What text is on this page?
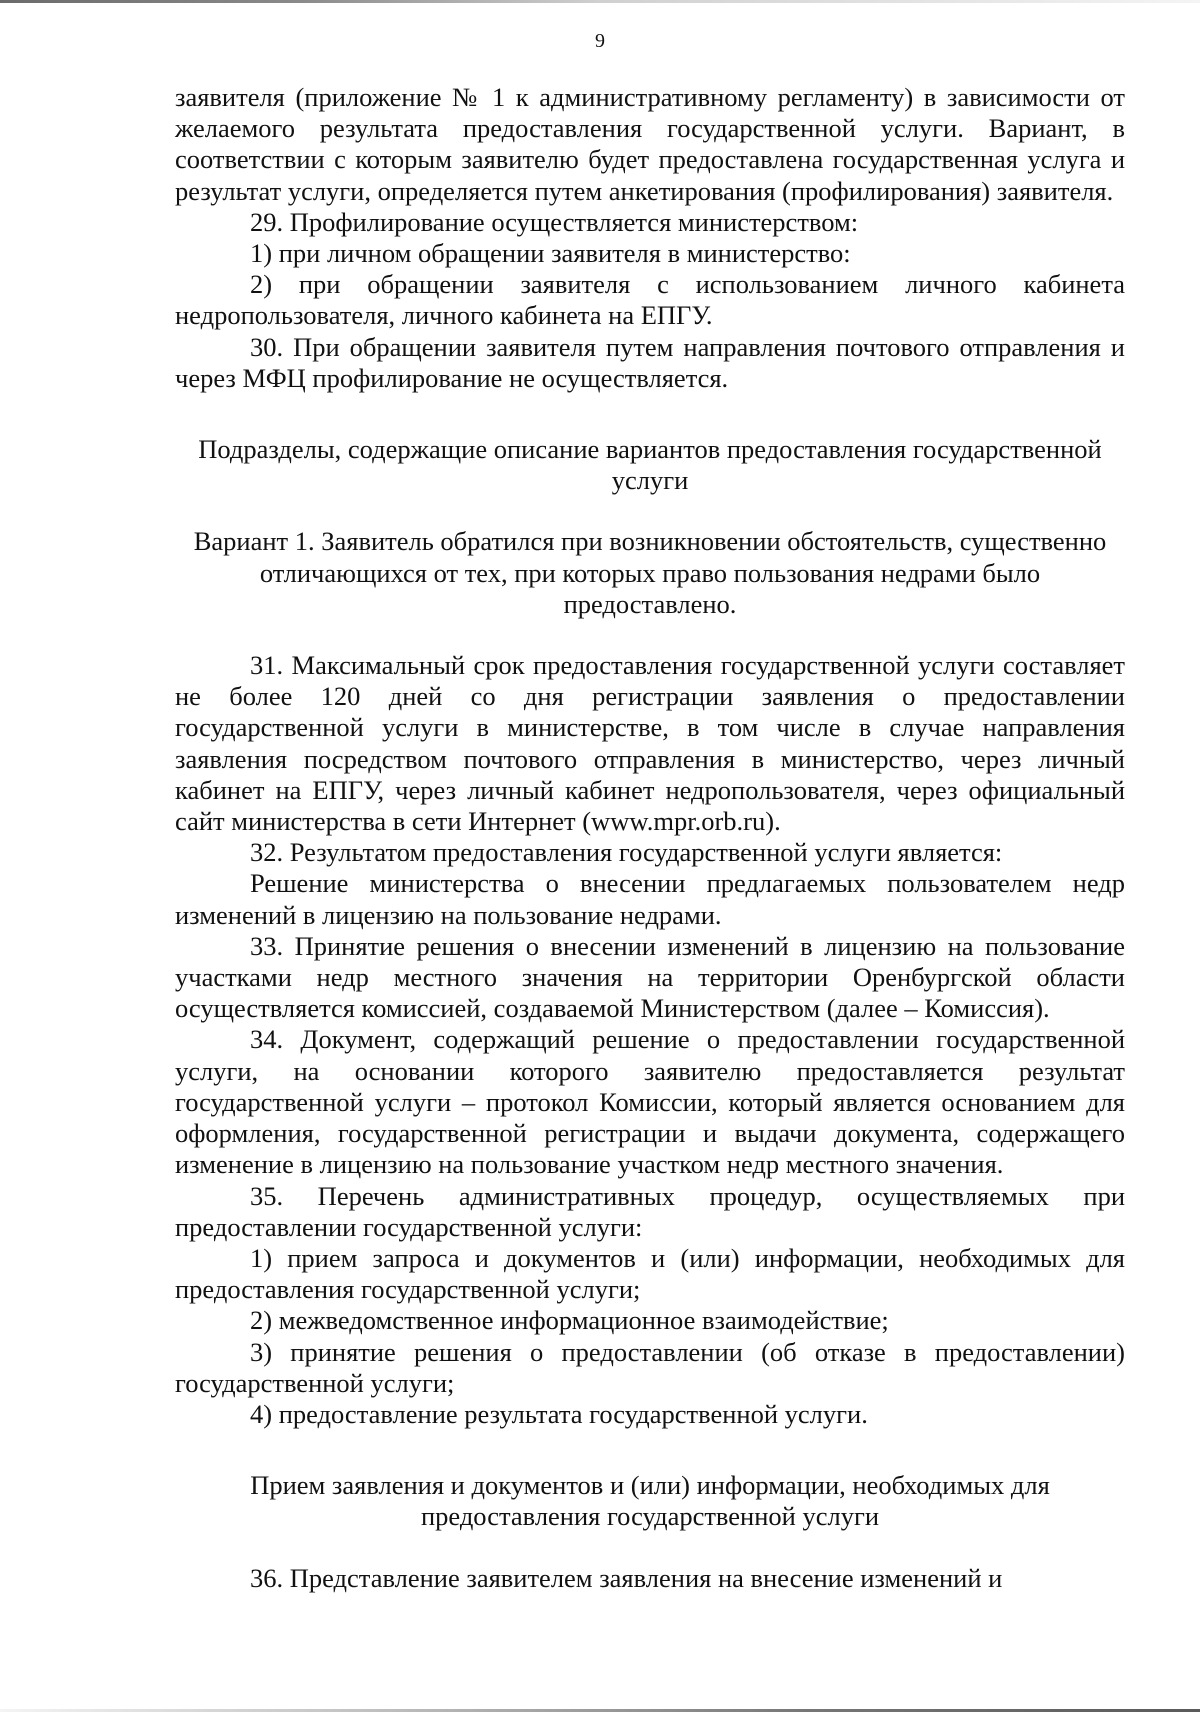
9

заявителя (приложение № 1 к административному регламенту) в зависимости от желаемого результата предоставления государственной услуги. Вариант, в соответствии с которым заявителю будет предоставлена государственная услуга и результат услуги, определяется путем анкетирования (профилирования) заявителя.

29. Профилирование осуществляется министерством:

1) при личном обращении заявителя в министерство:

2) при обращении заявителя с использованием личного кабинета недропользователя, личного кабинета на ЕПГУ.

30. При обращении заявителя путем направления почтового отправления и через МФЦ профилирование не осуществляется.

Подразделы, содержащие описание вариантов предоставления государственной услуги

Вариант 1. Заявитель обратился при возникновении обстоятельств, существенно отличающихся от тех, при которых право пользования недрами было предоставлено.

31. Максимальный срок предоставления государственной услуги составляет не более 120 дней со дня регистрации заявления о предоставлении государственной услуги в министерстве, в том числе в случае направления заявления посредством почтового отправления в министерство, через личный кабинет на ЕПГУ, через личный кабинет недропользователя, через официальный сайт министерства в сети Интернет (www.mpr.orb.ru).

32. Результатом предоставления государственной услуги является:

Решение министерства о внесении предлагаемых пользователем недр изменений в лицензию на пользование недрами.

33. Принятие решения о внесении изменений в лицензию на пользование участками недр местного значения на территории Оренбургской области осуществляется комиссией, создаваемой Министерством (далее – Комиссия).

34. Документ, содержащий решение о предоставлении государственной услуги, на основании которого заявителю предоставляется результат государственной услуги – протокол Комиссии, который является основанием для оформления, государственной регистрации и выдачи документа, содержащего изменение в лицензию на пользование участком недр местного значения.

35. Перечень административных процедур, осуществляемых при предоставлении государственной услуги:

1) прием запроса и документов и (или) информации, необходимых для предоставления государственной услуги;

2) межведомственное информационное взаимодействие;

3) принятие решения о предоставлении (об отказе в предоставлении) государственной услуги;

4) предоставление результата государственной услуги.

Прием заявления и документов и (или) информации, необходимых для предоставления государственной услуги

36. Представление заявителем заявления на внесение изменений и
